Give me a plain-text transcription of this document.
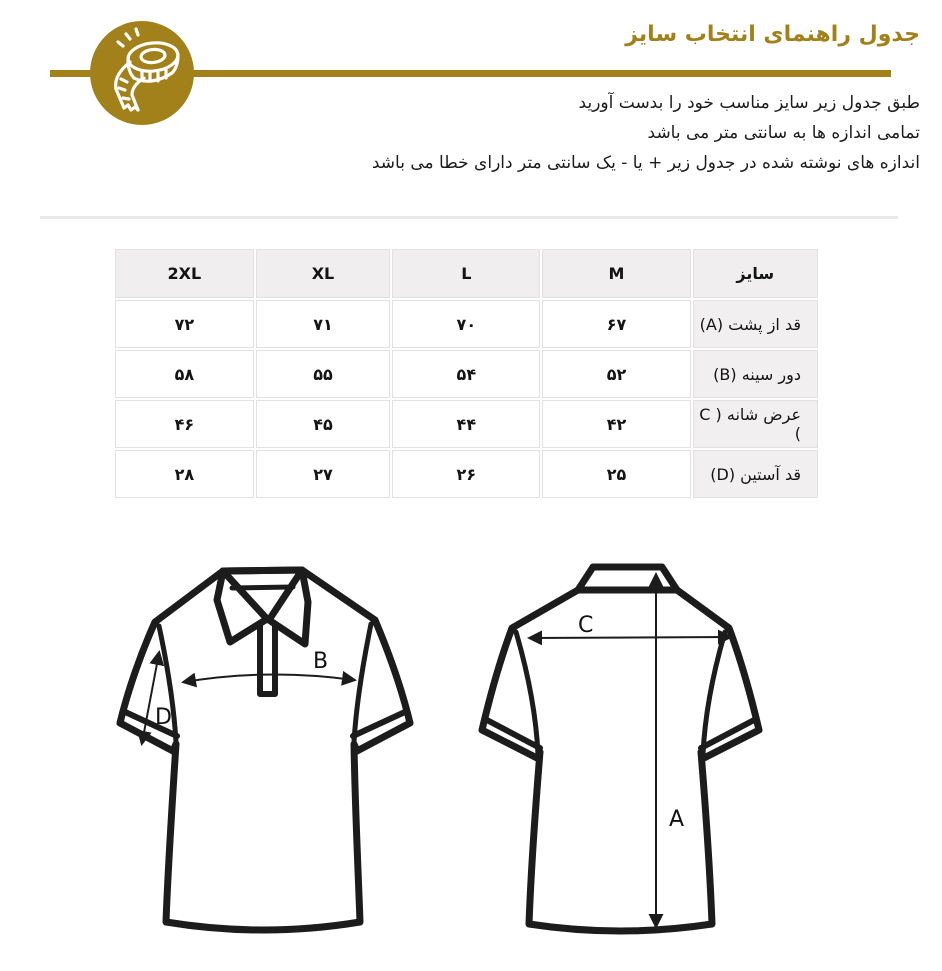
جدول راهنمای انتخاب سایز
طبق جدول زیر سایز مناسب خود را بدست آورید
تمامی اندازه ها به سانتی متر می باشد
اندازه های نوشته شده در جدول زیر + یا - یک سانتی متر دارای خطا می باشد
سایز	M	L	XL	2XL
قد از پشت (A)	۶۷	۷۰	۷۱	۷۲
دور سینه (B)	۵۲	۵۴	۵۵	۵۸
عرض شانه ( C )	۴۲	۴۴	۴۵	۴۶
قد آستین (D)	۲۵	۲۶	۲۷	۲۸
B
D
C
A
